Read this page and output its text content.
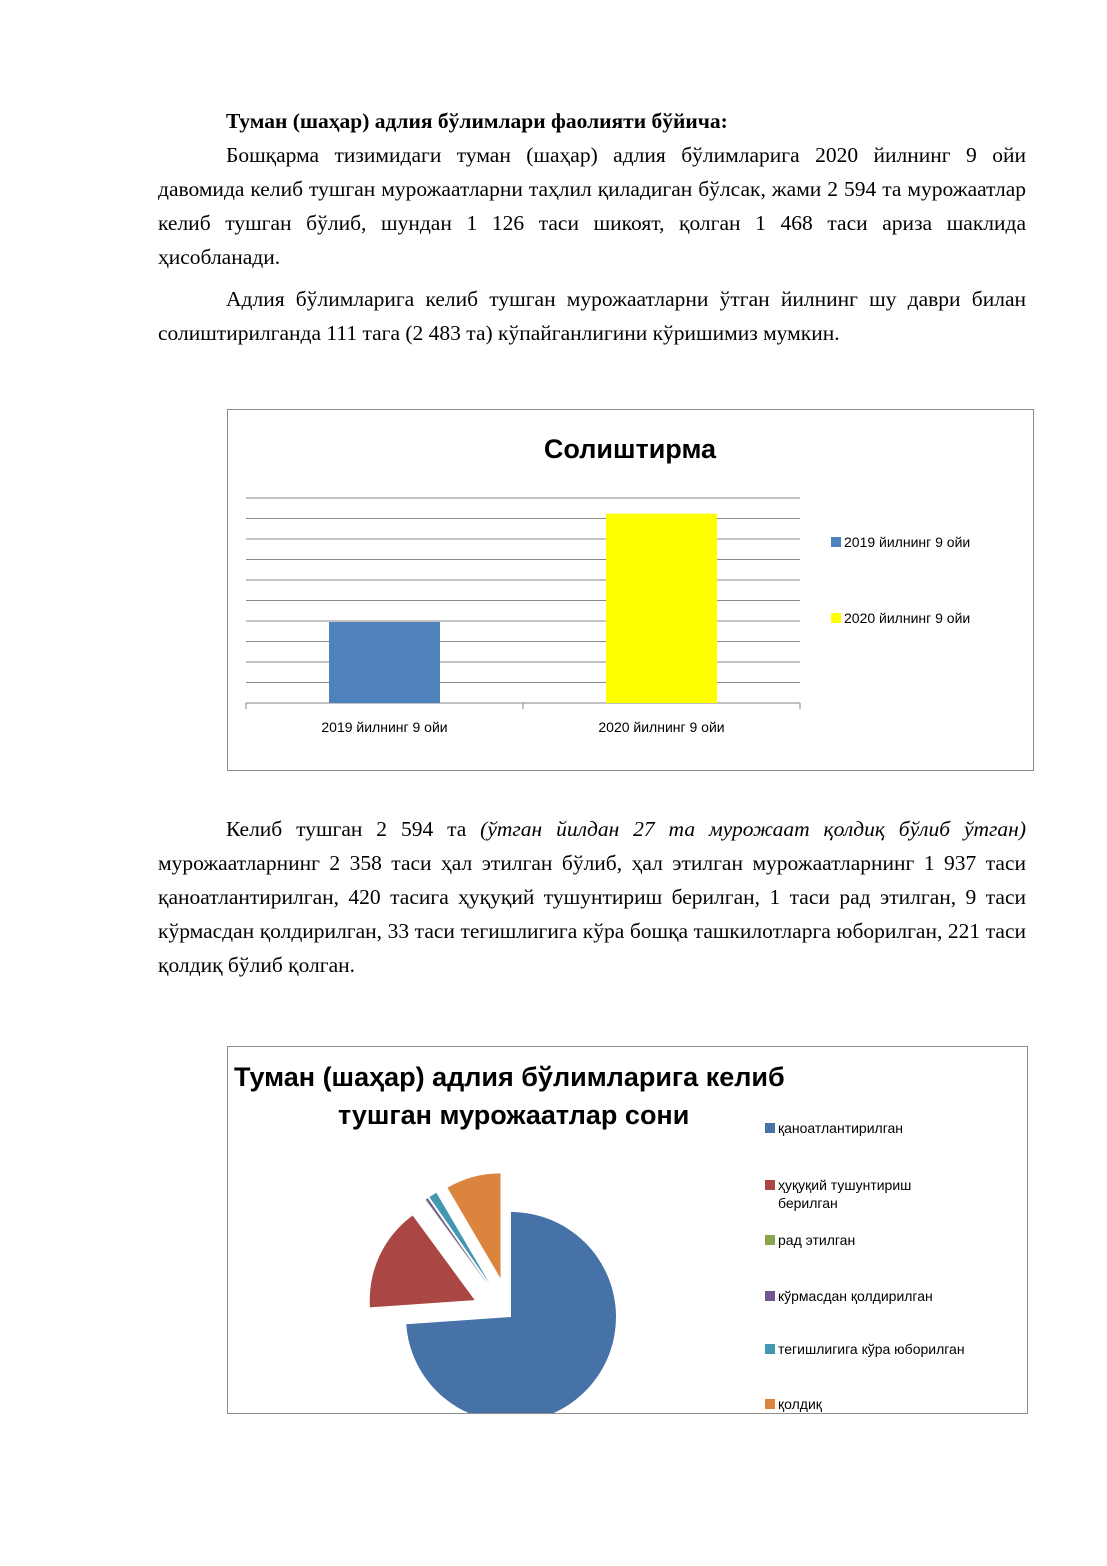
Туман (шаҳар) адлия бўлимлари фаолияти бўйича:

Бошқарма тизимидаги туман (шаҳар) адлия бўлимларига 2020 йилнинг 9 ойи давомида келиб тушган мурожаатларни таҳлил қиладиган бўлсак, жами 2 594 та мурожаатлар келиб тушган бўлиб, шундан 1 126 таси шикоят, қолган 1 468 таси ариза шаклида ҳисобланади.

Адлия бўлимларига келиб тушган мурожаатларни ўтган йилнинг шу даври билан солиштирилганда 111 тага (2 483 та) кўпайганлигини кўришимиз мумкин.

Солиштирма
2019 йилнинг 9 ойи	2020 йилнинг 9 ойи
2019 йилнинг 9 ойи
2020 йилнинг 9 ойи

Келиб тушган 2 594 та (ўтган йилдан 27 та мурожаат қолдиқ бўлиб ўтган) мурожаатларнинг 2 358 таси ҳал этилган бўлиб, ҳал этилган мурожаатларнинг 1 937 таси қаноатлантирилган, 420 тасига ҳуқуқий тушунтириш берилган, 1 таси рад этилган, 9 таси кўрмасдан қолдирилган, 33 таси тегишлигига кўра бошқа ташкилотларга юборилган, 221 таси қолдиқ бўлиб қолган.

Туман (шаҳар) адлия бўлимларига келиб
тушган мурожаатлар сони	қаноатлантирилган
ҳуқуқий тушунтириш
берилган
рад этилган
кўрмасдан қолдирилган
тегишлигига кўра юборилган
қолдиқ
